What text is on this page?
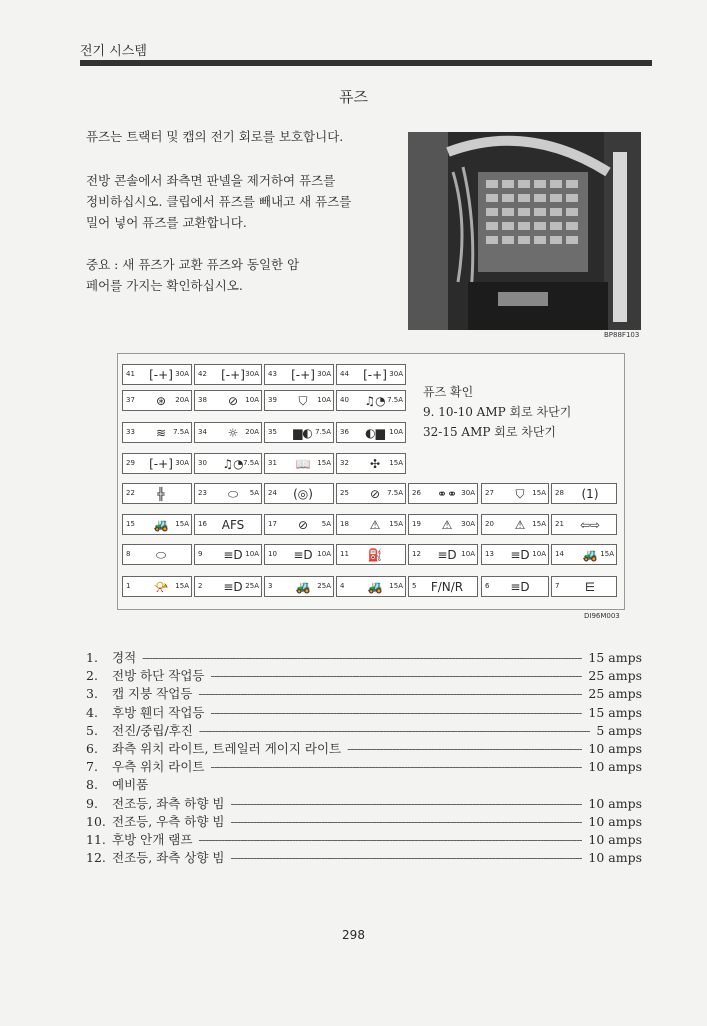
전기 시스템
퓨즈
퓨즈는 트랙터 및 캡의 전기 회로를 보호합니다.
전방 콘솔에서 좌측면 판넬을 제거하여 퓨즈를
정비하십시오. 클립에서 퓨즈를 빼내고 새 퓨즈를
밀어 넣어 퓨즈를 교환합니다.
중요 : 새 퓨즈가 교환 퓨즈와 동일한 암
페어를 가지는 확인하십시오.
BP88F103
퓨즈 확인
9. 10-10 AMP 회로 차단기
32-15 AMP 회로 차단기
41	[-+] 30A 42	[-+] 30A 43	[-+] 30A 44	[-+] 30A
37	⊛	20A 38	⊘	10A 39	⛉	10A 40	♫◔ 7.5A
33	≋	7.5A 34	☼ 20A 35	▆◐ 7.5A 36	◐▆ 10A
29	[-+] 30A 30	♫◔ 7.5A 31	📖 15A 32	✣	15A
22	╬	23	⬭	5A 24	(◎)	25	⊘	7.5A 26	⚭⚭ 30A 27	⛉	15A 28	(1)
15	🚜 15A 16	AFS	17	⊘	5A 18	⚠	15A 19	⚠	30A 20	⚠ 15A 21	⇦⇨
8	⬭	9	≡D 10A 10	≡D 10A 11	⛽	12	≡D 10A 13	≡D 10A 14	🚜 15A
1	📯 15A 2	≡D 25A 3	🚜 25A 4	🚜 15A 5	F/N/R	6	≡D	7	⋿
DI96M003
1.	경적 -----	15 amps
2.	전방 하단 작업등 -----	25 amps
3.	캡 지붕 작업등 -----	25 amps
4.	후방 휀더 작업등 -----	15 amps
5.	전진/중립/후진 -----	5 amps
6.	좌측 위치 라이트, 트레일러 게이지 라이트 -----	10 amps
7.	우측 위치 라이트 -----	10 amps
8.	예비품
9.	전조등, 좌측 하향 빔 -----	10 amps
10. 전조등, 우측 하향 빔 -----	10 amps
11. 후방 안개 램프 -----	10 amps
12. 전조등, 좌측 상향 빔 -----	10 amps
298
